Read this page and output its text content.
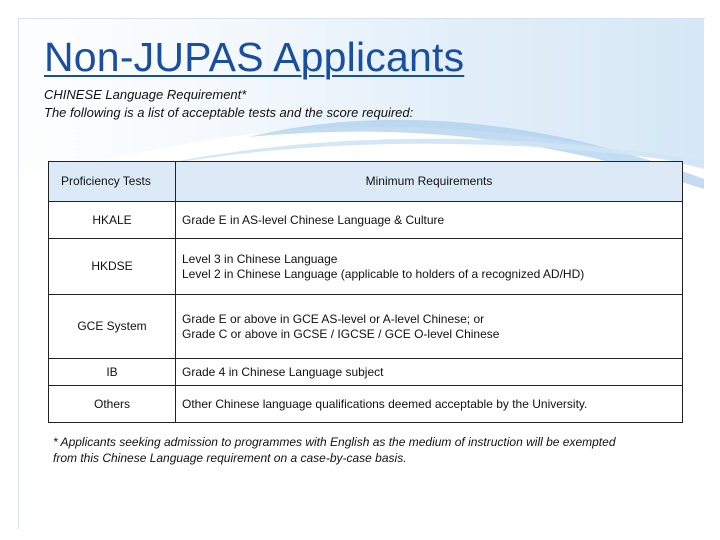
Non-JUPAS Applicants

CHINESE Language Requirement*
The following is a list of acceptable tests and the score required:

Proficiency Tests	Minimum Requirements
HKALE	Grade E in AS-level Chinese Language & Culture
HKDSE	Level 3 in Chinese Language
Level 2 in Chinese Language (applicable to holders of a recognized AD/HD)
GCE System	Grade E or above in GCE AS-level or A-level Chinese; or
Grade C or above in GCSE / IGCSE / GCE O-level Chinese
IB	Grade 4 in Chinese Language subject
Others	Other Chinese language qualifications deemed acceptable by the University.

* Applicants seeking admission to programmes with English as the medium of instruction will be exempted
from this Chinese Language requirement on a case-by-case basis.
